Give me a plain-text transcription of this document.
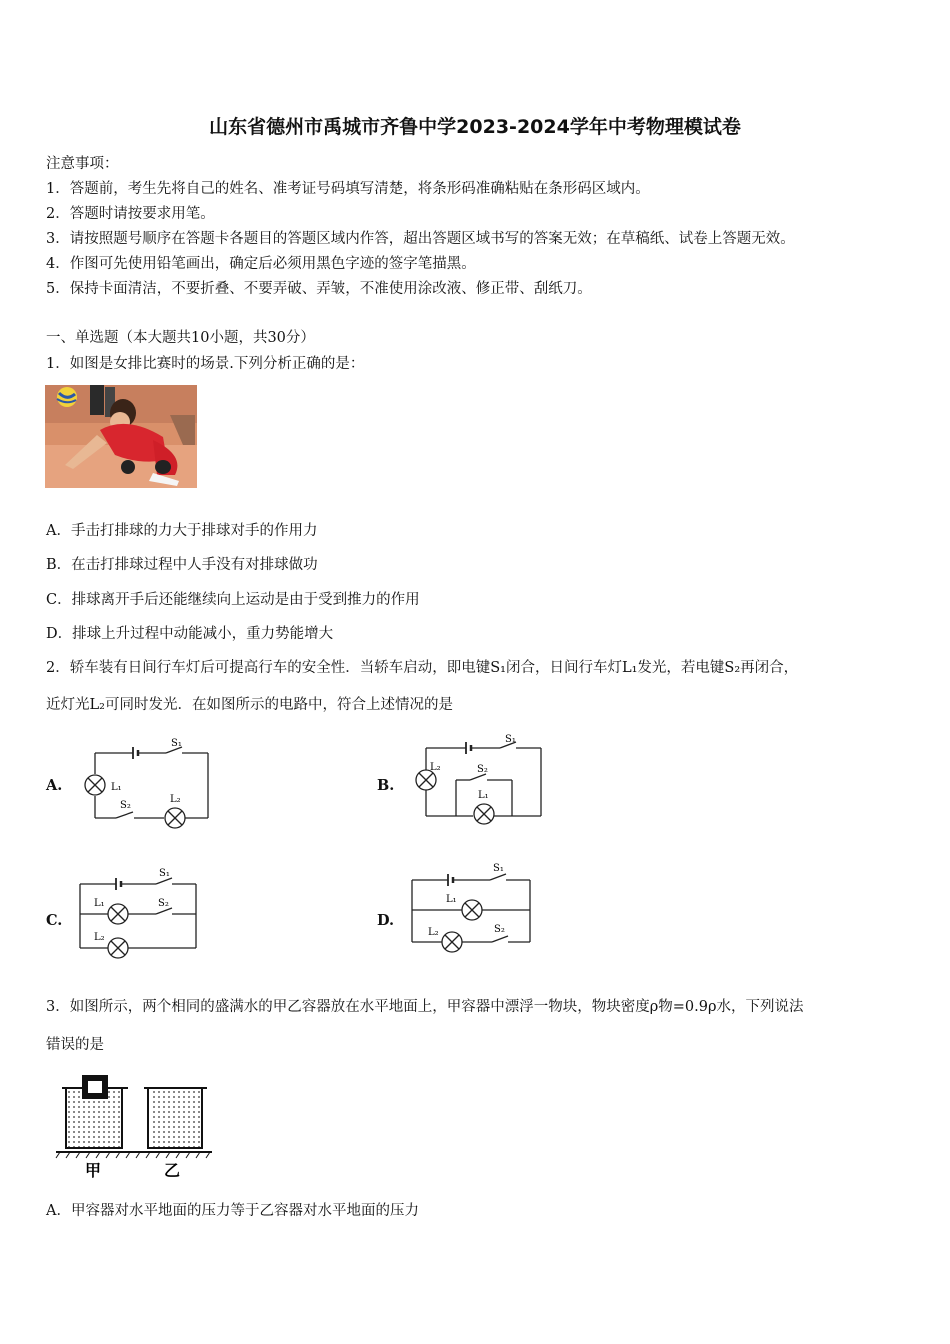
山东省德州市禹城市齐鲁中学2023-2024学年中考物理模试卷
注意事项：
1．答题前，考生先将自己的姓名、准考证号码填写清楚，将条形码准确粘贴在条形码区域内。
2．答题时请按要求用笔。
3．请按照题号顺序在答题卡各题目的答题区域内作答，超出答题区域书写的答案无效；在草稿纸、试卷上答题无效。
4．作图可先使用铅笔画出，确定后必须用黑色字迹的签字笔描黑。
5．保持卡面清洁，不要折叠、不要弄破、弄皱，不准使用涂改液、修正带、刮纸刀。
一、单选题（本大题共10小题，共30分）
1．如图是女排比赛时的场景.下列分析正确的是：
A．手击打排球的力大于排球对手的作用力
B．在击打排球过程中人手没有对排球做功
C．排球离开手后还能继续向上运动是由于受到推力的作用
D．排球上升过程中动能减小，重力势能增大
2．轿车装有日间行车灯后可提高行车的安全性．当轿车启动，即电键S₁闭合，日间行车灯L₁发光，若电键S₂再闭合，
近灯光L₂可同时发光．在如图所示的电路中，符合上述情况的是
A.
S₁
L₁
S₂
L₂
B.
S₁
L₂	S₂
L₁
C.
S₁
L₁	S₂
L₂
D.
S₁
L₁
L₂	S₂
3．如图所示，两个相同的盛满水的甲乙容器放在水平地面上，甲容器中漂浮一物块，物块密度ρ物=0.9ρ水，下列说法
错误的是
甲	乙
A．甲容器对水平地面的压力等于乙容器对水平地面的压力
